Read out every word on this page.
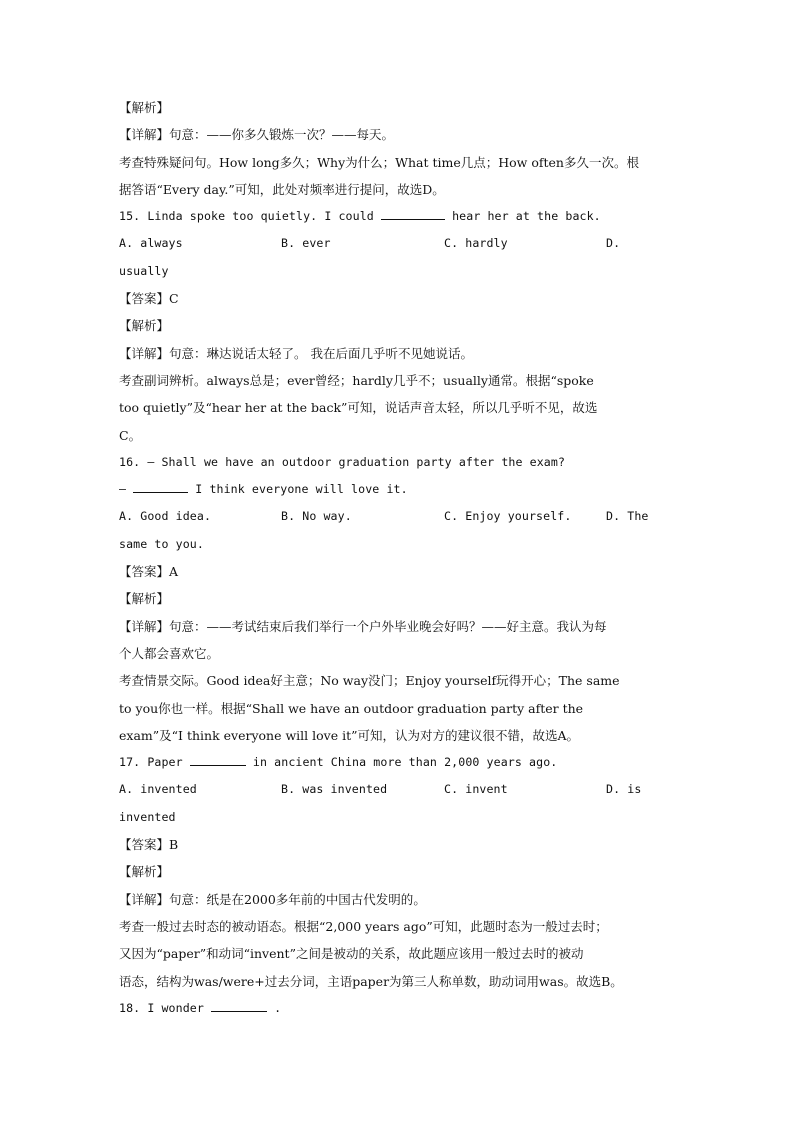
【解析】
【详解】句意：——你多久锻炼一次？——每天。
考查特殊疑问句。How long多久；Why为什么；What time几点；How often多久一次。根
据答语“Every day.”可知，此处对频率进行提问，故选D。
15. Linda spoke too quietly. I could	hear her at the back.
A. always	B. ever	C. hardly	D.
usually
【答案】C
【解析】
【详解】句意：琳达说话太轻了。 我在后面几乎听不见她说话。
考查副词辨析。always总是；ever曾经；hardly几乎不；usually通常。根据“spoke
too quietly”及“hear her at the back”可知，说话声音太轻，所以几乎听不见，故选
C。
16. — Shall we have an outdoor graduation party after the exam?
—	I think everyone will love it.
A. Good idea.	B. No way.	C. Enjoy yourself.	D. The
same to you.
【答案】A
【解析】
【详解】句意：——考试结束后我们举行一个户外毕业晚会好吗？——好主意。我认为每
个人都会喜欢它。
考查情景交际。Good idea好主意；No way没门；Enjoy yourself玩得开心；The same
to you你也一样。根据“Shall we have an outdoor graduation party after the
exam”及“I think everyone will love it”可知，认为对方的建议很不错，故选A。
17. Paper	in ancient China more than 2,000 years ago.
A. invented	B. was invented	C. invent	D. is
invented
【答案】B
【解析】
【详解】句意：纸是在2000多年前的中国古代发明的。
考查一般过去时态的被动语态。根据“2,000 years ago”可知，此题时态为一般过去时；
又因为“paper”和动词“invent”之间是被动的关系，故此题应该用一般过去时的被动
语态，结构为was/were+过去分词，主语paper为第三人称单数，助动词用was。故选B。
18. I wonder	.
